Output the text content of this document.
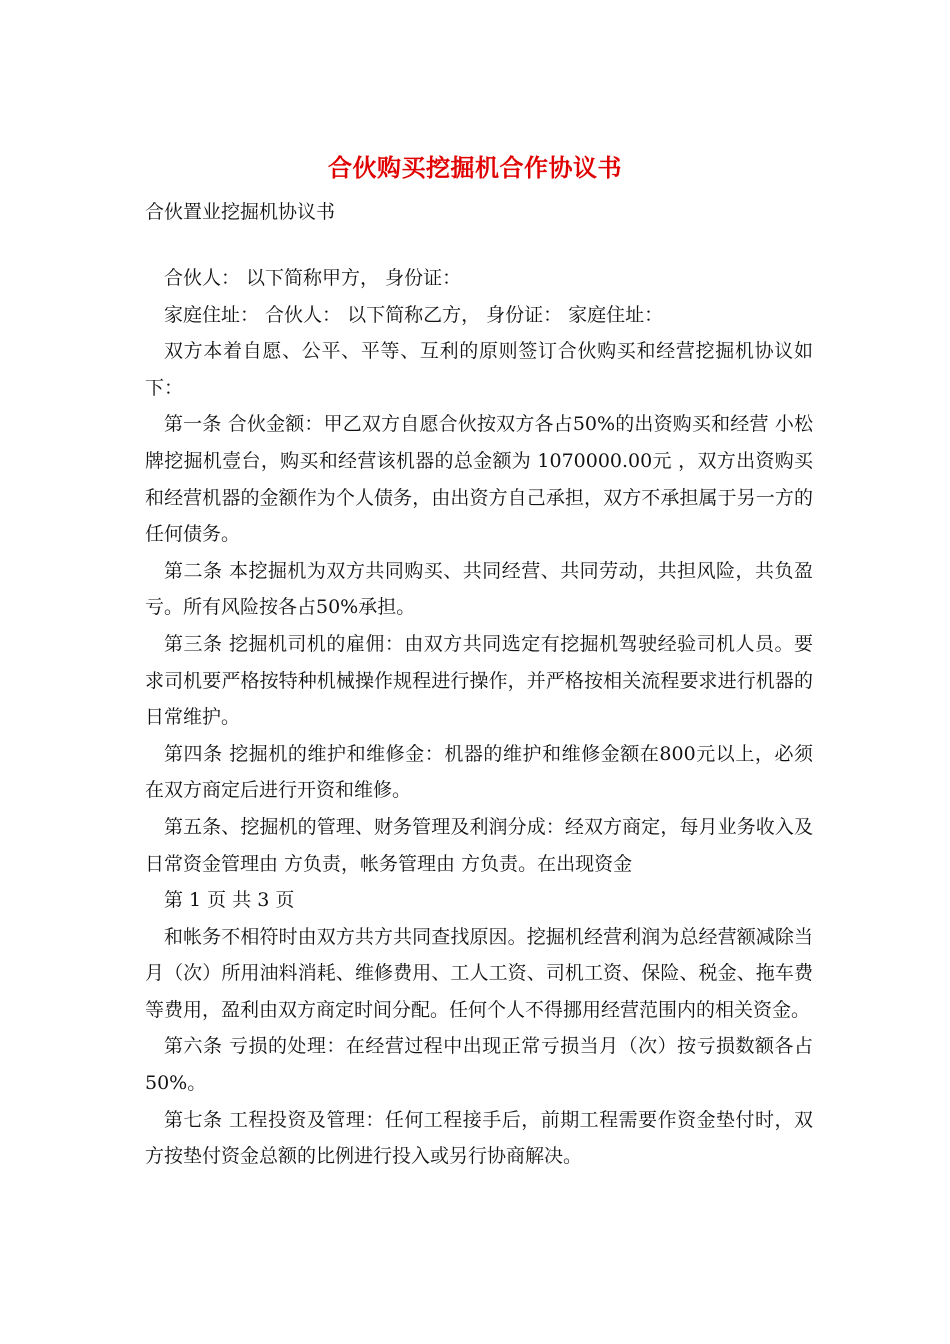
合伙购买挖掘机合作协议书
合伙置业挖掘机协议书

合伙人： 以下简称甲方， 身份证：

家庭住址： 合伙人： 以下简称乙方， 身份证： 家庭住址：

双方本着自愿、公平、平等、互利的原则签订合伙购买和经营挖掘机协议如下：

第一条 合伙金额：甲乙双方自愿合伙按双方各占50%的出资购买和经营 小松 牌挖掘机壹台，购买和经营该机器的总金额为 1070000.00元 ，双方出资购买和经营机器的金额作为个人债务，由出资方自己承担，双方不承担属于另一方的任何债务。

第二条 本挖掘机为双方共同购买、共同经营、共同劳动，共担风险，共负盈亏。所有风险按各占50%承担。

第三条 挖掘机司机的雇佣：由双方共同选定有挖掘机驾驶经验司机人员。要求司机要严格按特种机械操作规程进行操作，并严格按相关流程要求进行机器的日常维护。

第四条 挖掘机的维护和维修金：机器的维护和维修金额在800元以上，必须在双方商定后进行开资和维修。

第五条、挖掘机的管理、财务管理及利润分成：经双方商定，每月业务收入及日常资金管理由 方负责，帐务管理由 方负责。在出现资金

第 1 页 共 3 页

和帐务不相符时由双方共方共同查找原因。挖掘机经营利润为总经营额减除当月（次）所用油料消耗、维修费用、工人工资、司机工资、保险、税金、拖车费等费用，盈利由双方商定时间分配。任何个人不得挪用经营范围内的相关资金。

第六条 亏损的处理：在经营过程中出现正常亏损当月（次）按亏损数额各占50%。

第七条 工程投资及管理：任何工程接手后，前期工程需要作资金垫付时，双方按垫付资金总额的比例进行投入或另行协商解决。
